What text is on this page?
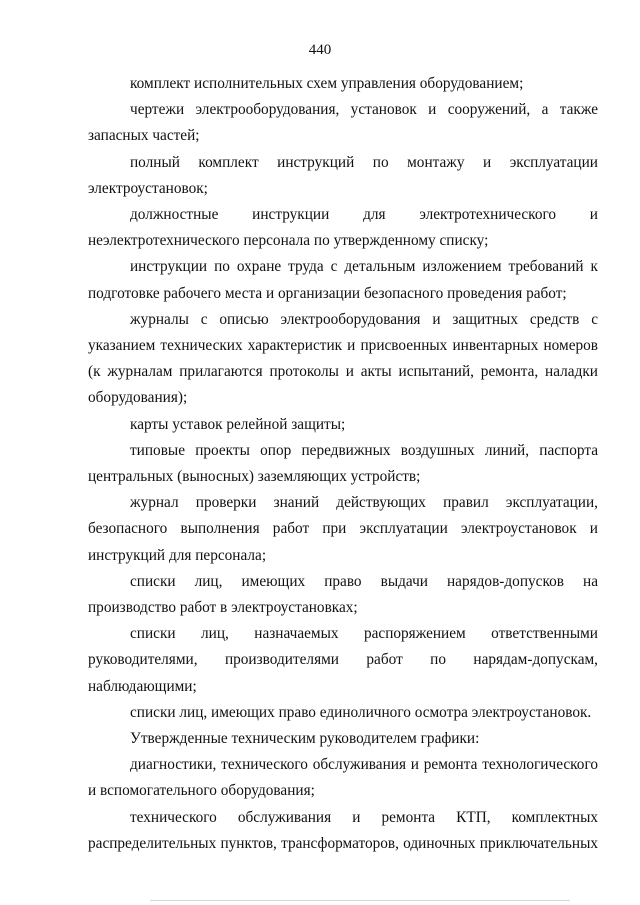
440

комплект исполнительных схем управления оборудованием;

чертежи электрооборудования, установок и сооружений, а также запасных частей;

полный комплект инструкций по монтажу и эксплуатации электроустановок;

должностные инструкции для электротехнического и неэлектротехнического персонала по утвержденному списку;

инструкции по охране труда с детальным изложением требований к подготовке рабочего места и организации безопасного проведения работ;

журналы с описью электрооборудования и защитных средств с указанием технических характеристик и присвоенных инвентарных номеров (к журналам прилагаются протоколы и акты испытаний, ремонта, наладки оборудования);

карты уставок релейной защиты;

типовые проекты опор передвижных воздушных линий, паспорта центральных (выносных) заземляющих устройств;

журнал проверки знаний действующих правил эксплуатации, безопасного выполнения работ при эксплуатации электроустановок и инструкций для персонала;

списки лиц, имеющих право выдачи нарядов-допусков на производство работ в электроустановках;

списки лиц, назначаемых распоряжением ответственными руководителями, производителями работ по нарядам-допускам, наблюдающими;

списки лиц, имеющих право единоличного осмотра электроустановок.

Утвержденные техническим руководителем графики:

диагностики, технического обслуживания и ремонта технологического и вспомогательного оборудования;

технического обслуживания и ремонта КТП, комплектных распределительных пунктов, трансформаторов, одиночных приключательных
